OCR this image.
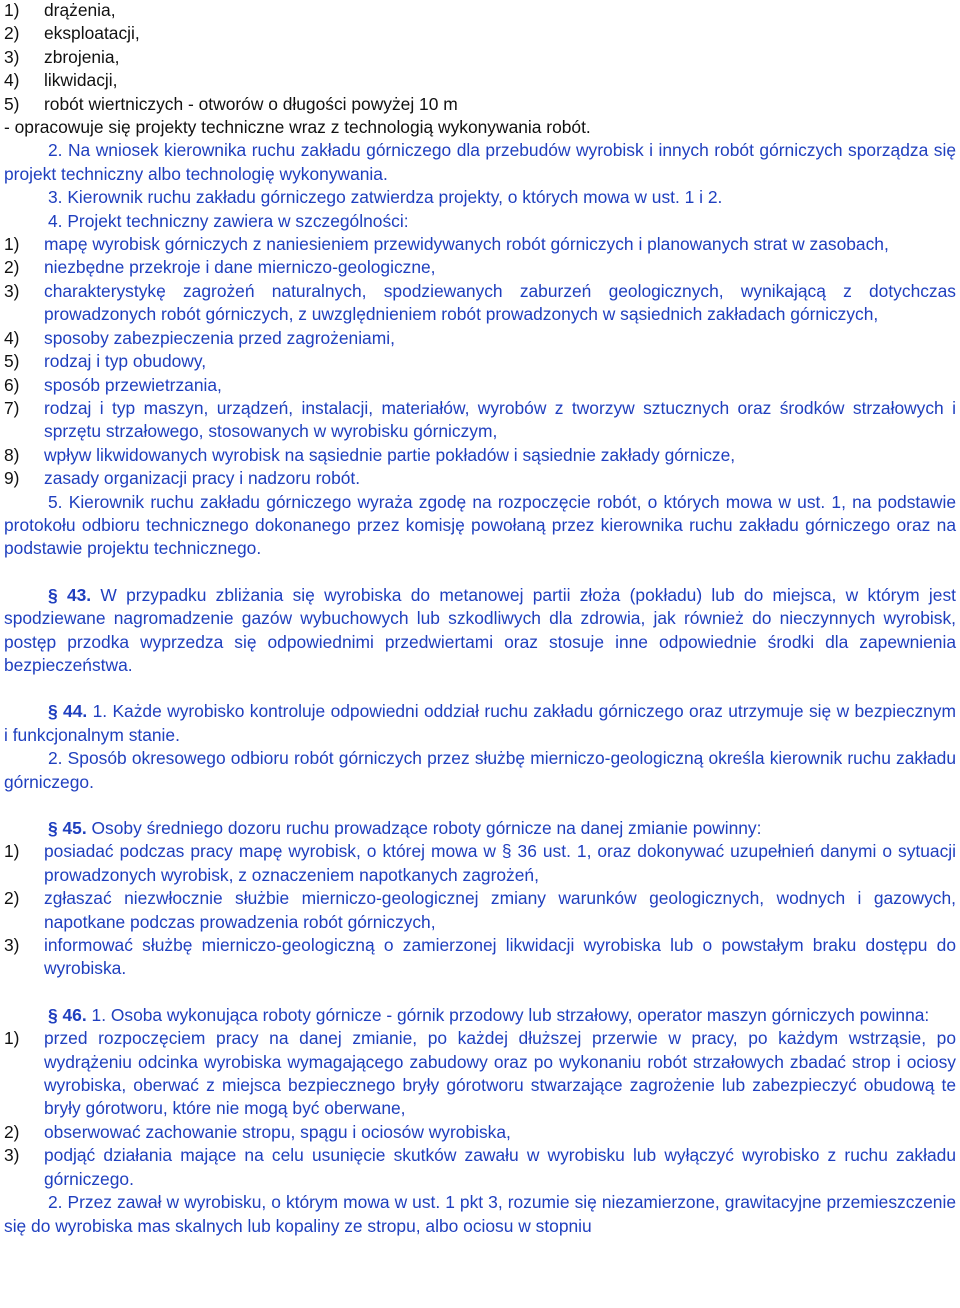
1)	drążenia,
2)	eksploatacji,
3)	zbrojenia,
4)	likwidacji,
5)	robót wiertniczych - otworów o długości powyżej 10 m
- opracowuje się projekty techniczne wraz z technologią wykonywania robót.
2. Na wniosek kierownika ruchu zakładu górniczego dla przebudów wyrobisk i innych robót górniczych sporządza się projekt techniczny albo technologię wykonywania.
3. Kierownik ruchu zakładu górniczego zatwierdza projekty, o których mowa w ust. 1 i 2.
4. Projekt techniczny zawiera w szczególności:
1)	mapę wyrobisk górniczych z naniesieniem przewidywanych robót górniczych i planowanych strat w zasobach,
2)	niezbędne przekroje i dane mierniczo-geologiczne,
3)	charakterystykę zagrożeń naturalnych, spodziewanych zaburzeń geologicznych, wynikającą z dotychczas prowadzonych robót górniczych, z uwzględnieniem robót prowadzonych w sąsiednich zakładach górniczych,
4)	sposoby zabezpieczenia przed zagrożeniami,
5)	rodzaj i typ obudowy,
6)	sposób przewietrzania,
7)	rodzaj i typ maszyn, urządzeń, instalacji, materiałów, wyrobów z tworzyw sztucznych oraz środków strzałowych i sprzętu strzałowego, stosowanych w wyrobisku górniczym,
8)	wpływ likwidowanych wyrobisk na sąsiednie partie pokładów i sąsiednie zakłady górnicze,
9)	zasady organizacji pracy i nadzoru robót.
5. Kierownik ruchu zakładu górniczego wyraża zgodę na rozpoczęcie robót, o których mowa w ust. 1, na podstawie protokołu odbioru technicznego dokonanego przez komisję powołaną przez kierownika ruchu zakładu górniczego oraz na podstawie projektu technicznego.
§ 43. W przypadku zbliżania się wyrobiska do metanowej partii złoża (pokładu) lub do miejsca, w którym jest spodziewane nagromadzenie gazów wybuchowych lub szkodliwych dla zdrowia, jak również do nieczynnych wyrobisk, postęp przodka wyprzedza się odpowiednimi przedwiertami oraz stosuje inne odpowiednie środki dla zapewnienia bezpieczeństwa.
§ 44. 1. Każde wyrobisko kontroluje odpowiedni oddział ruchu zakładu górniczego oraz utrzymuje się w bezpiecznym i funkcjonalnym stanie.
2. Sposób okresowego odbioru robót górniczych przez służbę mierniczo-geologiczną określa kierownik ruchu zakładu górniczego.
§ 45. Osoby średniego dozoru ruchu prowadzące roboty górnicze na danej zmianie powinny:
1)	posiadać podczas pracy mapę wyrobisk, o której mowa w § 36 ust. 1, oraz dokonywać uzupełnień danymi o sytuacji prowadzonych wyrobisk, z oznaczeniem napotkanych zagrożeń,
2)	zgłaszać niezwłocznie służbie mierniczo-geologicznej zmiany warunków geologicznych, wodnych i gazowych, napotkane podczas prowadzenia robót górniczych,
3)	informować służbę mierniczo-geologiczną o zamierzonej likwidacji wyrobiska lub o powstałym braku dostępu do wyrobiska.
§ 46. 1. Osoba wykonująca roboty górnicze - górnik przodowy lub strzałowy, operator maszyn górniczych powinna:
1)	przed rozpoczęciem pracy na danej zmianie, po każdej dłuższej przerwie w pracy, po każdym wstrząsie, po wydrążeniu odcinka wyrobiska wymagającego zabudowy oraz po wykonaniu robót strzałowych zbadać strop i ociosy wyrobiska, oberwać z miejsca bezpiecznego bryły górotworu stwarzające zagrożenie lub zabezpieczyć obudową te bryły górotworu, które nie mogą być oberwane,
2)	obserwować zachowanie stropu, spągu i ociosów wyrobiska,
3)	podjąć działania mające na celu usunięcie skutków zawału w wyrobisku lub wyłączyć wyrobisko z ruchu zakładu górniczego.
2. Przez zawał w wyrobisku, o którym mowa w ust. 1 pkt 3, rozumie się niezamierzone, grawitacyjne przemieszczenie się do wyrobiska mas skalnych lub kopaliny ze stropu, albo ociosu w stopniu
